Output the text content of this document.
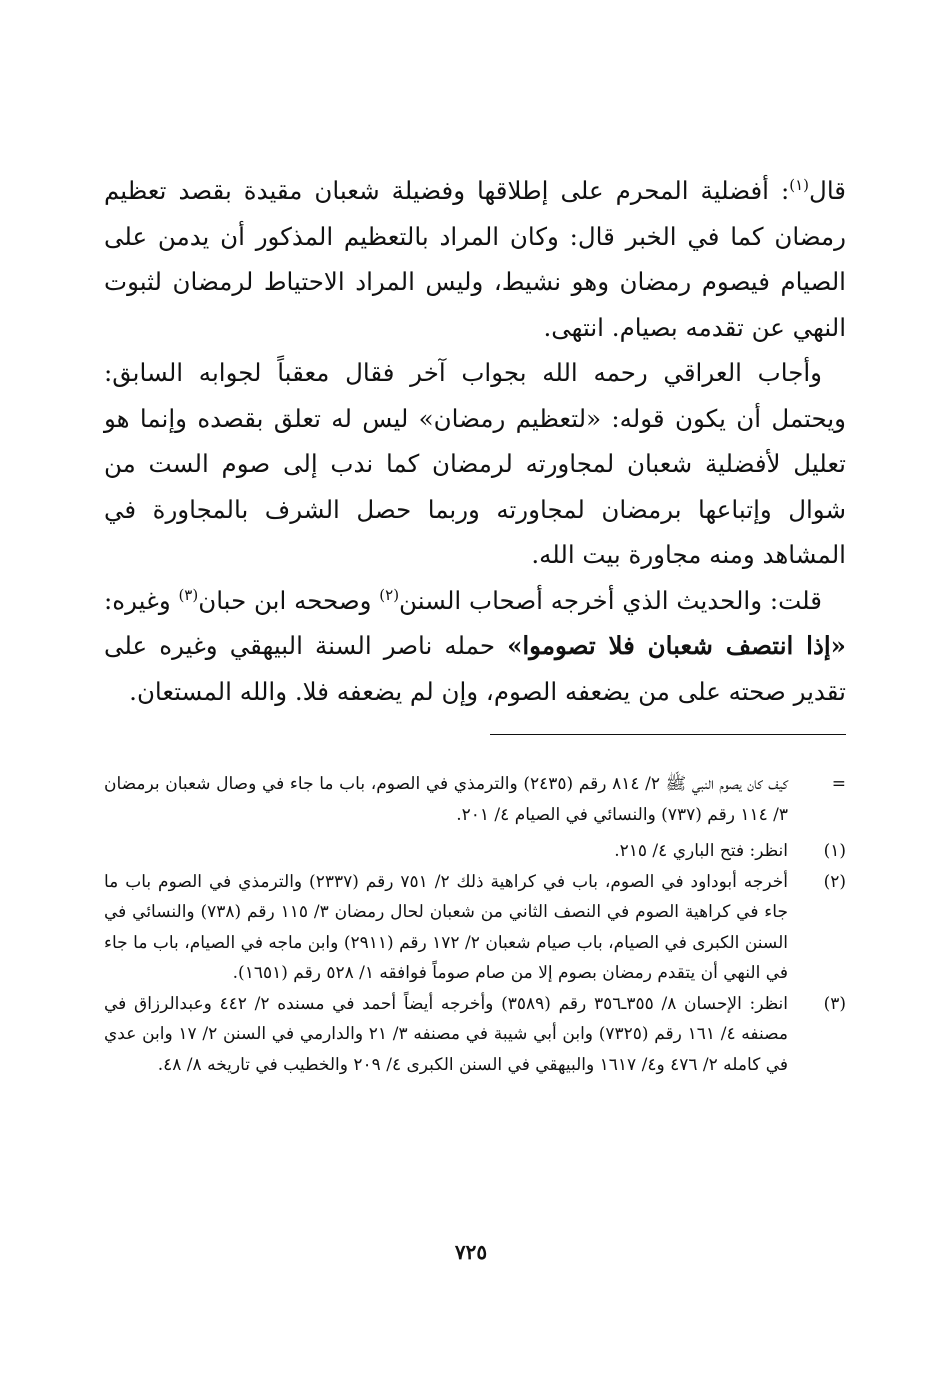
قال$^{(١)}$: أفضلية المحرم على إطلاقها وفضيلة شعبان مقيدة بقصد تعظيم رمضان كما في الخبر قال: وكان المراد بالتعظيم المذكور أن يدمن على الصيام فيصوم رمضان وهو نشيط، وليس المراد الاحتياط لرمضان لثبوت النهي عن تقدمه بصيام. انتهى.

وأجاب العراقي رحمه الله بجواب آخر فقال معقباً لجوابه السابق: ويحتمل أن يكون قوله: «لتعظيم رمضان» ليس له تعلق بقصده وإنما هو تعليل لأفضلية شعبان لمجاورته لرمضان كما ندب إلى صوم الست من شوال وإتباعها برمضان لمجاورته وربما حصل الشرف بالمجاورة في المشاهد ومنه مجاورة بيت الله.

قلت: والحديث الذي أخرجه أصحاب السنن$^{(٢)}$ وصححه ابن حبان$^{(٣)}$ وغيره: «إذا انتصف شعبان فلا تصوموا» حمله ناصر السنة البيهقي وغيره على تقدير صحته على من يضعفه الصوم، وإن لم يضعفه فلا. والله المستعان.

=
كيف كان يصوم النبي ﷺ ٢/ ٨١٤ رقم (٢٤٣٥) والترمذي في الصوم، باب ما جاء في وصال شعبان برمضان ٣/ ١١٤ رقم (٧٣٧) والنسائي في الصيام ٤/ ٢٠١.
(١)
انظر: فتح الباري ٤/ ٢١٥.
(٢)
أخرجه أبوداود في الصوم، باب في كراهية ذلك ٢/ ٧٥١ رقم (٢٣٣٧) والترمذي في الصوم باب ما جاء في كراهية الصوم في النصف الثاني من شعبان لحال رمضان ٣/ ١١٥ رقم (٧٣٨) والنسائي في السنن الكبرى في الصيام، باب صيام شعبان ٢/ ١٧٢ رقم (٢٩١١) وابن ماجه في الصيام، باب ما جاء في النهي أن يتقدم رمضان بصوم إلا من صام صوماً فوافقه ١/ ٥٢٨ رقم (١٦٥١).
(٣)
انظر: الإحسان ٨/ ٣٥٥ـ٣٥٦ رقم (٣٥٨٩) وأخرجه أيضاً أحمد في مسنده ٢/ ٤٤٢ وعبدالرزاق في مصنفه ٤/ ١٦١ رقم (٧٣٢٥) وابن أبي شيبة في مصنفه ٣/ ٢١ والدارمي في السنن ٢/ ١٧ وابن عدي في كامله ٢/ ٤٧٦ و٤/ ١٦١٧ والبيهقي في السنن الكبرى ٤/ ٢٠٩ والخطيب في تاريخه ٨/ ٤٨.
٧٢٥
